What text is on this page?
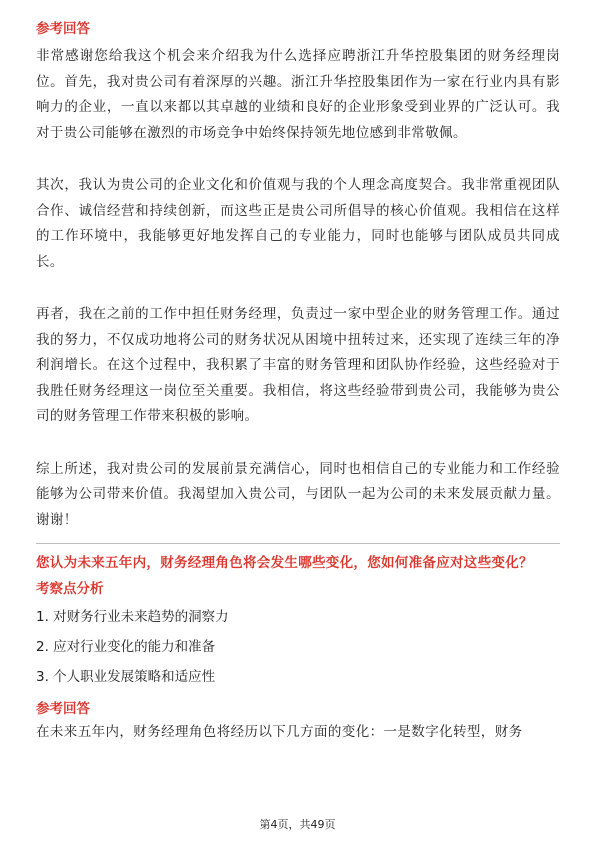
参考回答

非常感谢您给我这个机会来介绍我为什么选择应聘浙江升华控股集团的财务经理岗位。首先，我对贵公司有着深厚的兴趣。浙江升华控股集团作为一家在行业内具有影响力的企业，一直以来都以其卓越的业绩和良好的企业形象受到业界的广泛认可。我对于贵公司能够在激烈的市场竞争中始终保持领先地位感到非常敬佩。

其次，我认为贵公司的企业文化和价值观与我的个人理念高度契合。我非常重视团队合作、诚信经营和持续创新，而这些正是贵公司所倡导的核心价值观。我相信在这样的工作环境中，我能够更好地发挥自己的专业能力，同时也能够与团队成员共同成长。

再者，我在之前的工作中担任财务经理，负责过一家中型企业的财务管理工作。通过我的努力，不仅成功地将公司的财务状况从困境中扭转过来，还实现了连续三年的净利润增长。在这个过程中，我积累了丰富的财务管理和团队协作经验，这些经验对于我胜任财务经理这一岗位至关重要。我相信，将这些经验带到贵公司，我能够为贵公司的财务管理工作带来积极的影响。

综上所述，我对贵公司的发展前景充满信心，同时也相信自己的专业能力和工作经验能够为公司带来价值。我渴望加入贵公司，与团队一起为公司的未来发展贡献力量。谢谢！

您认为未来五年内，财务经理角色将会发生哪些变化，您如何准备应对这些变化？

考察点分析

1. 对财务行业未来趋势的洞察力

2. 应对行业变化的能力和准备

3. 个人职业发展策略和适应性

参考回答

在未来五年内，财务经理角色将经历以下几方面的变化：一是数字化转型，财务

第4页，共49页
